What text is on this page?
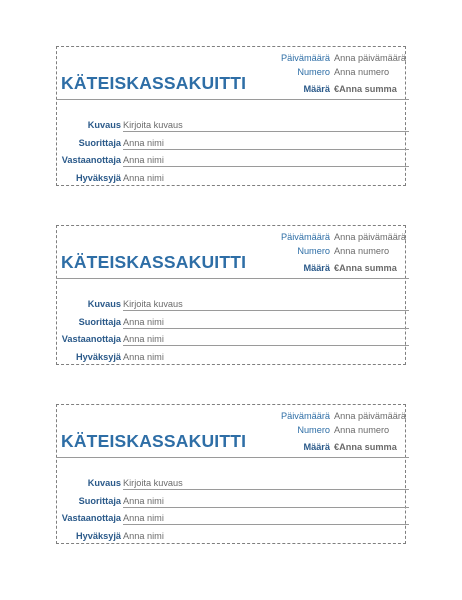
KÄTEISKASSAKUITTI
Päivämäärä Anna päivämäärä
Numero Anna numero
Määrä €Anna summa
Kuvaus Kirjoita kuvaus
Suorittaja Anna nimi
Vastaanottaja Anna nimi
Hyväksyjä Anna nimi
KÄTEISKASSAKUITTI
Päivämäärä Anna päivämäärä
Numero Anna numero
Määrä €Anna summa
Kuvaus Kirjoita kuvaus
Suorittaja Anna nimi
Vastaanottaja Anna nimi
Hyväksyjä Anna nimi
KÄTEISKASSAKUITTI
Päivämäärä Anna päivämäärä
Numero Anna numero
Määrä €Anna summa
Kuvaus Kirjoita kuvaus
Suorittaja Anna nimi
Vastaanottaja Anna nimi
Hyväksyjä Anna nimi
